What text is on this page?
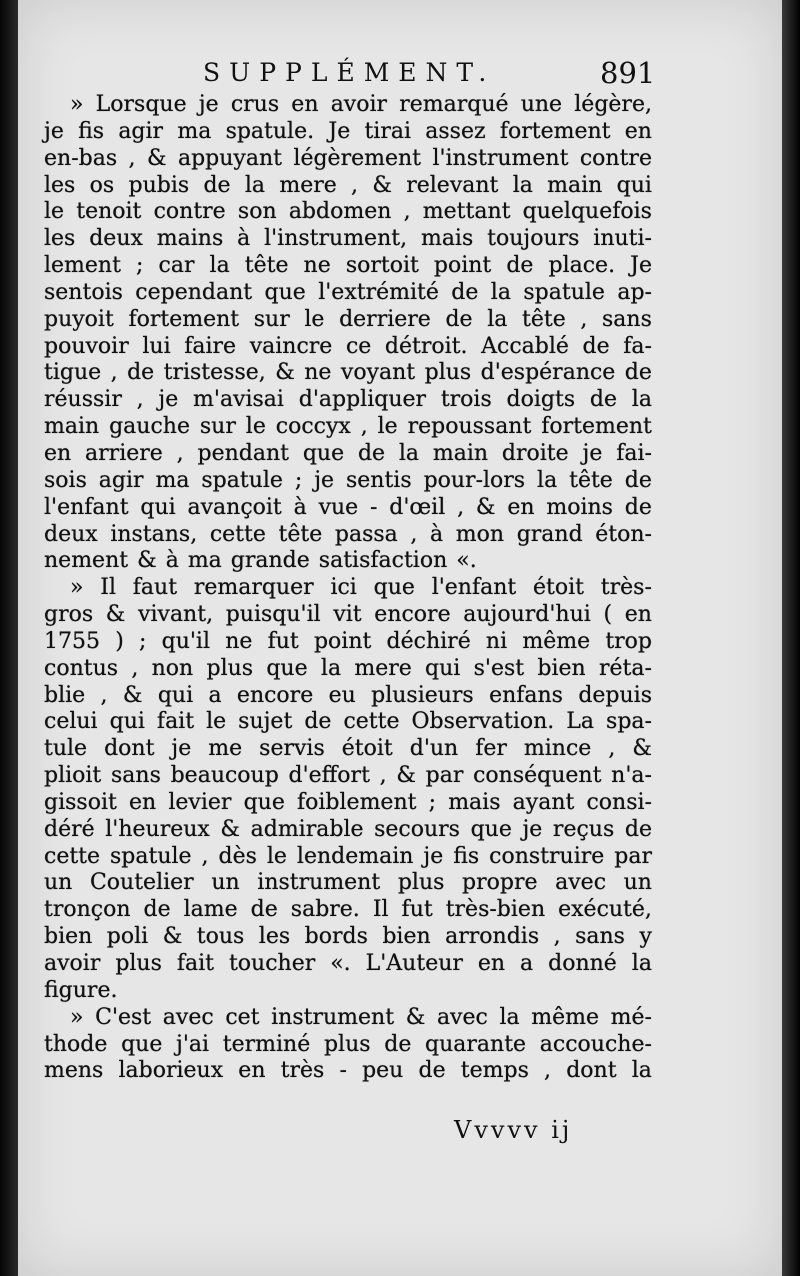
SUPPLÉMENT.	891
» Lorsque je crus en avoir remarqué une légère,
je fis agir ma spatule. Je tirai assez fortement en
en-bas , & appuyant légèrement l'instrument contre
les os pubis de la mere , & relevant la main qui
le tenoit contre son abdomen , mettant quelquefois
les deux mains à l'instrument, mais toujours inuti-
lement ; car la tête ne sortoit point de place. Je
sentois cependant que l'extrémité de la spatule ap-
puyoit fortement sur le derriere de la tête , sans
pouvoir lui faire vaincre ce détroit. Accablé de fa-
tigue , de tristesse, & ne voyant plus d'espérance de
réussir , je m'avisai d'appliquer trois doigts de la
main gauche sur le coccyx , le repoussant fortement
en arriere , pendant que de la main droite je fai-
sois agir ma spatule ; je sentis pour-lors la tête de
l'enfant qui avançoit à vue - d'œil , & en moins de
deux instans, cette tête passa , à mon grand éton-
nement & à ma grande satisfaction «.
» Il faut remarquer ici que l'enfant étoit très-
gros & vivant, puisqu'il vit encore aujourd'hui ( en
1755 ) ; qu'il ne fut point déchiré ni même trop
contus , non plus que la mere qui s'est bien réta-
blie , & qui a encore eu plusieurs enfans depuis
celui qui fait le sujet de cette Observation. La spa-
tule dont je me servis étoit d'un fer mince , &
plioit sans beaucoup d'effort , & par conséquent n'a-
gissoit en levier que foiblement ; mais ayant consi-
déré l'heureux & admirable secours que je reçus de
cette spatule , dès le lendemain je fis construire par
un Coutelier un instrument plus propre avec un
tronçon de lame de sabre. Il fut très-bien exécuté,
bien poli & tous les bords bien arrondis , sans y
avoir plus fait toucher «. L'Auteur en a donné la
figure.
» C'est avec cet instrument & avec la même mé-
thode que j'ai terminé plus de quarante accouche-
mens laborieux en très - peu de temps , dont la
Vvvvv ij
